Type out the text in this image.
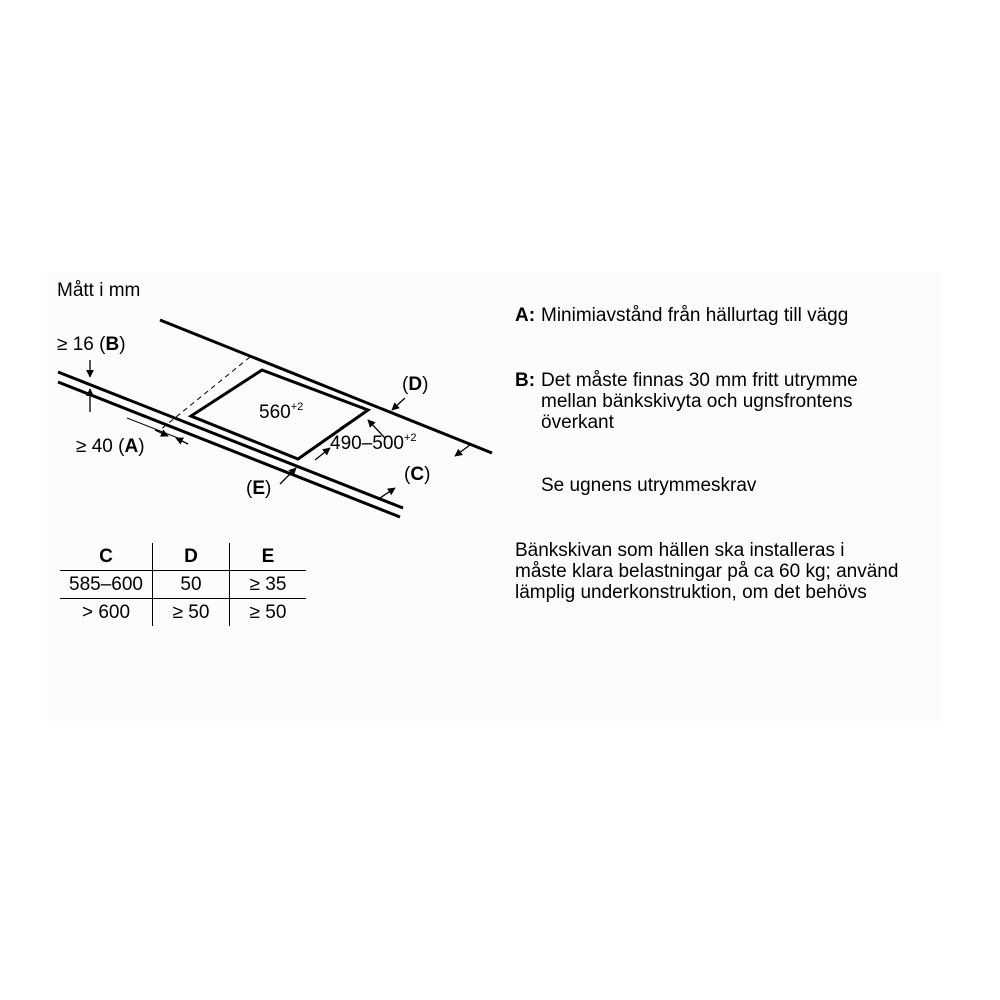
Mått i mm
≥ 16 (B)
≥ 40 (A)
(D)
(C)
(E)
$560^{+2}$
$490-500^{+2}$
C	D	E
585–600	50	≥ 35
> 600	≥ 50	≥ 50
A: Minimiavstånd från hällurtag till vägg
B: Det måste finnas 30 mm fritt utrymme
mellan bänkskivyta och ugnsfrontens
överkant
Se ugnens utrymmeskrav
Bänkskivan som hällen ska installeras i
måste klara belastningar på ca 60 kg; använd
lämplig underkonstruktion, om det behövs
